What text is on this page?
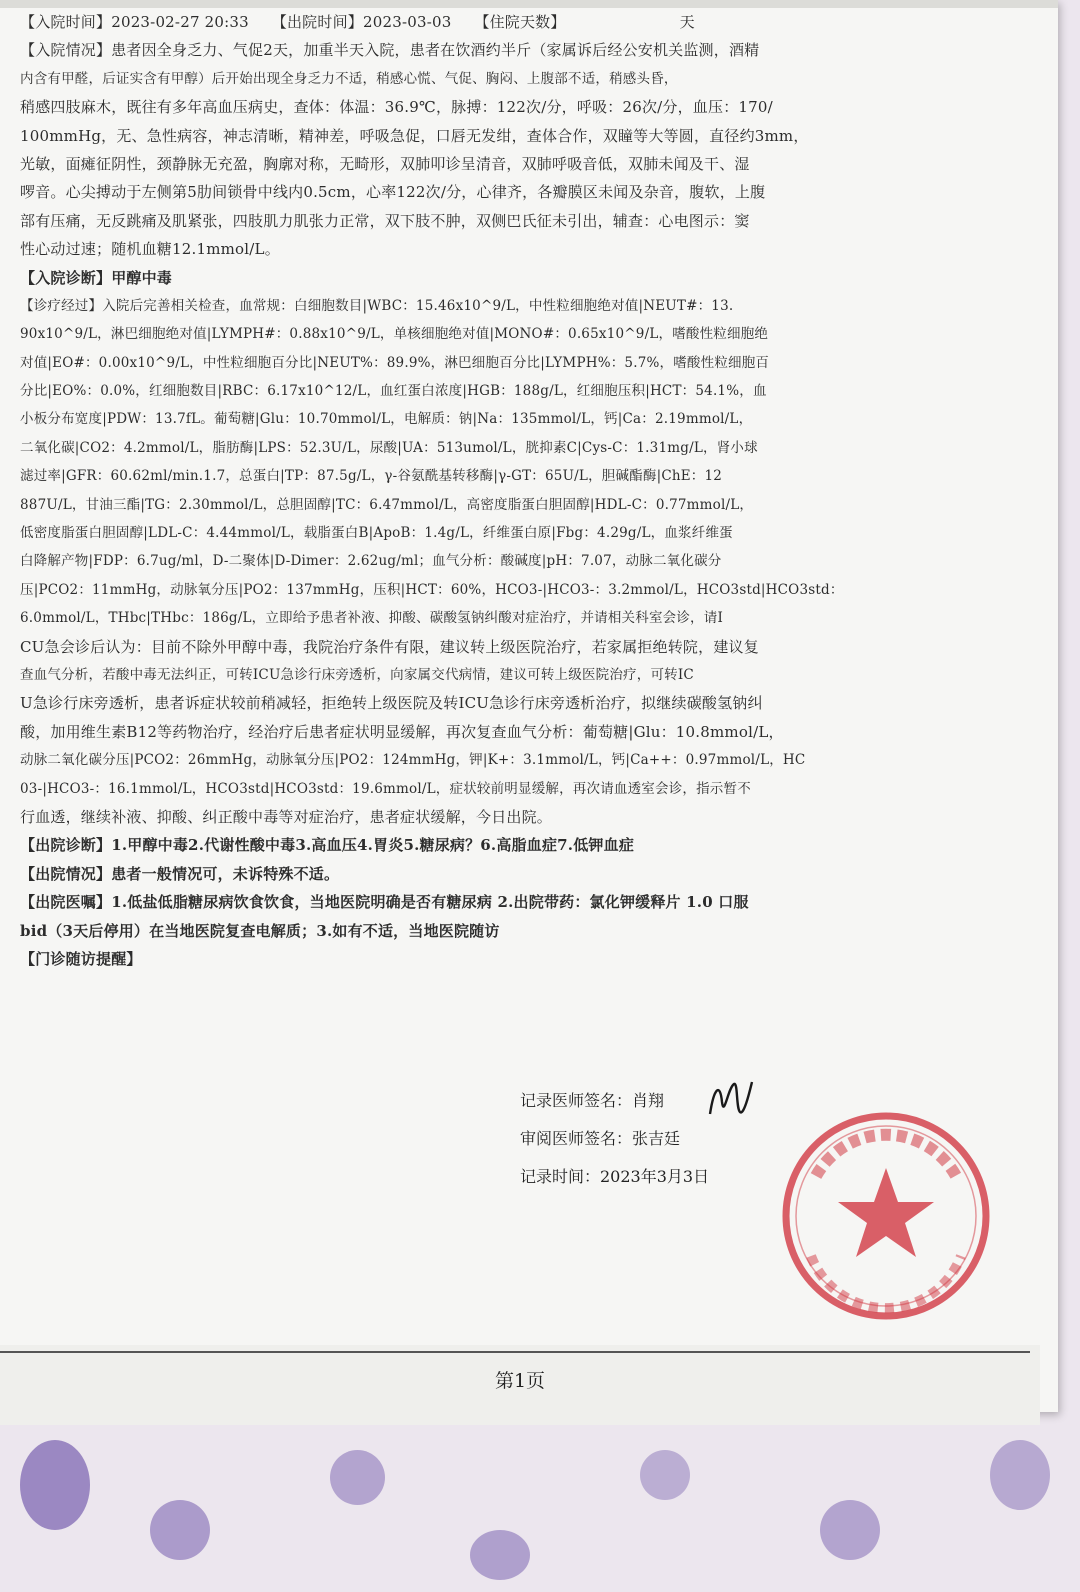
【入院时间】2023-02-27 20:33　　【出院时间】2023-03-03　　【住院天数】　　　　　　　　天
【入院情况】患者因全身乏力、气促2天，加重半天入院，患者在饮酒约半斤（家属诉后经公安机关监测，酒精
内含有甲醛，后证实含有甲醇）后开始出现全身乏力不适，稍感心慌、气促、胸闷、上腹部不适，稍感头昏，
稍感四肢麻木，既往有多年高血压病史，查体：体温：36.9℃，脉搏：122次/分，呼吸：26次/分，血压：170/
100mmHg，无、急性病容，神志清晰，精神差，呼吸急促，口唇无发绀，查体合作，双瞳等大等圆，直径约3mm，
光敏，面瘫征阴性，颈静脉无充盈，胸廓对称，无畸形，双肺叩诊呈清音，双肺呼吸音低，双肺未闻及干、湿
啰音。心尖搏动于左侧第5肋间锁骨中线内0.5cm，心率122次/分，心律齐，各瓣膜区未闻及杂音，腹软，上腹
部有压痛，无反跳痛及肌紧张，四肢肌力肌张力正常，双下肢不肿，双侧巴氏征未引出，辅查：心电图示：窦
性心动过速；随机血糖12.1mmol/L。
【入院诊断】甲醇中毒
【诊疗经过】入院后完善相关检查，血常规：白细胞数目|WBC：15.46x10^9/L，中性粒细胞绝对值|NEUT#：13.
90x10^9/L，淋巴细胞绝对值|LYMPH#：0.88x10^9/L，单核细胞绝对值|MONO#：0.65x10^9/L，嗜酸性粒细胞绝
对值|EO#：0.00x10^9/L，中性粒细胞百分比|NEUT%：89.9%，淋巴细胞百分比|LYMPH%：5.7%，嗜酸性粒细胞百
分比|EO%：0.0%，红细胞数目|RBC：6.17x10^12/L，血红蛋白浓度|HGB：188g/L，红细胞压积|HCT：54.1%，血
小板分布宽度|PDW：13.7fL。葡萄糖|Glu：10.70mmol/L，电解质：钠|Na：135mmol/L，钙|Ca：2.19mmol/L，
二氧化碳|CO2：4.2mmol/L，脂肪酶|LPS：52.3U/L，尿酸|UA：513umol/L，胱抑素C|Cys-C：1.31mg/L，肾小球
滤过率|GFR：60.62ml/min.1.7，总蛋白|TP：87.5g/L，γ-谷氨酰基转移酶|γ-GT：65U/L，胆碱酯酶|ChE：12
887U/L，甘油三酯|TG：2.30mmol/L，总胆固醇|TC：6.47mmol/L，高密度脂蛋白胆固醇|HDL-C：0.77mmol/L，
低密度脂蛋白胆固醇|LDL-C：4.44mmol/L，载脂蛋白B|ApoB：1.4g/L，纤维蛋白原|Fbg：4.29g/L，血浆纤维蛋
白降解产物|FDP：6.7ug/ml，D-二聚体|D-Dimer：2.62ug/ml；血气分析：酸碱度|pH：7.07，动脉二氧化碳分
压|PCO2：11mmHg，动脉氧分压|PO2：137mmHg，压积|HCT：60%，HCO3-|HCO3-：3.2mmol/L，HCO3std|HCO3std：
6.0mmol/L，THbc|THbc：186g/L，立即给予患者补液、抑酸、碳酸氢钠纠酸对症治疗，并请相关科室会诊，请I
CU急会诊后认为：目前不除外甲醇中毒，我院治疗条件有限，建议转上级医院治疗，若家属拒绝转院，建议复
查血气分析，若酸中毒无法纠正，可转ICU急诊行床旁透析，向家属交代病情，建议可转上级医院治疗，可转IC
U急诊行床旁透析，患者诉症状较前稍减轻，拒绝转上级医院及转ICU急诊行床旁透析治疗，拟继续碳酸氢钠纠
酸，加用维生素B12等药物治疗，经治疗后患者症状明显缓解，再次复查血气分析：葡萄糖|Glu：10.8mmol/L，
动脉二氧化碳分压|PCO2：26mmHg，动脉氧分压|PO2：124mmHg，钾|K+：3.1mmol/L，钙|Ca++：0.97mmol/L，HC
03-|HCO3-：16.1mmol/L，HCO3std|HCO3std：19.6mmol/L，症状较前明显缓解，再次请血透室会诊，指示暂不
行血透，继续补液、抑酸、纠正酸中毒等对症治疗，患者症状缓解，今日出院。
【出院诊断】1.甲醇中毒2.代谢性酸中毒3.高血压4.胃炎5.糖尿病？6.高脂血症7.低钾血症
【出院情况】患者一般情况可，未诉特殊不适。
【出院医嘱】1.低盐低脂糖尿病饮食饮食，当地医院明确是否有糖尿病 2.出院带药：氯化钾缓释片 1.0 口服
bid（3天后停用）在当地医院复查电解质；3.如有不适，当地医院随访
【门诊随访提醒】
记录医师签名：肖翔
审阅医师签名：张吉廷
记录时间：2023年3月3日
第1页
